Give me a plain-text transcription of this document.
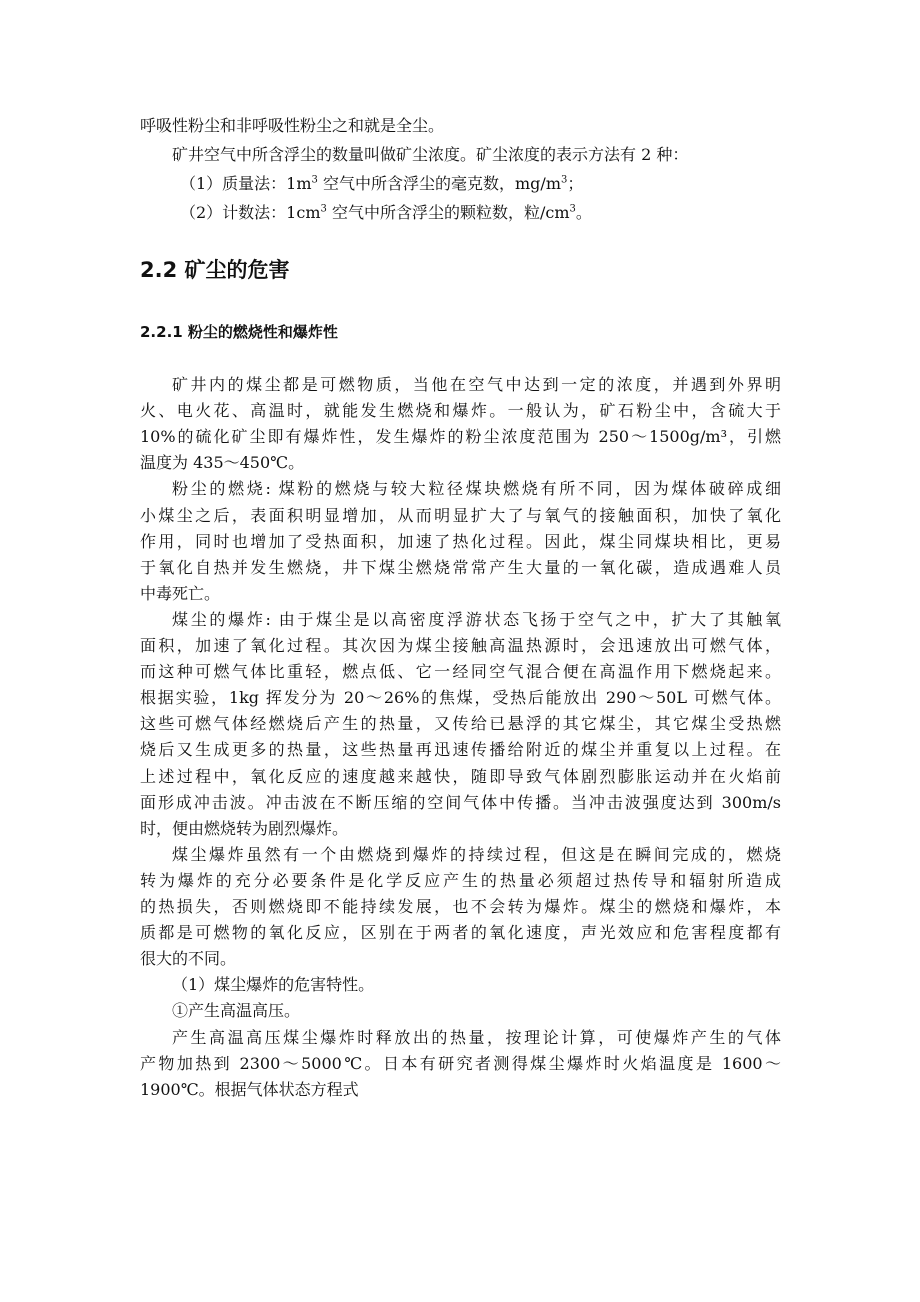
呼吸性粉尘和非呼吸性粉尘之和就是全尘。

矿井空气中所含浮尘的数量叫做矿尘浓度。矿尘浓度的表示方法有 2 种：

（1）质量法：$1m^3$ 空气中所含浮尘的毫克数，$mg/m^3$；

（2）计数法：$1cm^3$ 空气中所含浮尘的颗粒数，粒$/cm^3$。

2.2 矿尘的危害
2.2.1 粉尘的燃烧性和爆炸性

矿井内的煤尘都是可燃物质，当他在空气中达到一定的浓度，并遇到外界明

火、电火花、高温时，就能发生燃烧和爆炸。一般认为，矿石粉尘中，含硫大于

10%的硫化矿尘即有爆炸性，发生爆炸的粉尘浓度范围为 250～1500g/m³，引燃

温度为 435～450℃。

粉尘的燃烧: 煤粉的燃烧与较大粒径煤块燃烧有所不同，因为煤体破碎成细

小煤尘之后，表面积明显增加，从而明显扩大了与氧气的接触面积，加快了氧化

作用，同时也增加了受热面积，加速了热化过程。因此，煤尘同煤块相比，更易

于氧化自热并发生燃烧，井下煤尘燃烧常常产生大量的一氧化碳，造成遇难人员

中毒死亡。

煤尘的爆炸: 由于煤尘是以高密度浮游状态飞扬于空气之中，扩大了其触氧

面积，加速了氧化过程。其次因为煤尘接触高温热源时，会迅速放出可燃气体，

而这种可燃气体比重轻，燃点低、它一经同空气混合便在高温作用下燃烧起来。

根据实验，1kg 挥发分为 20～26%的焦煤，受热后能放出 290～50L 可燃气体。

这些可燃气体经燃烧后产生的热量，又传给已悬浮的其它煤尘，其它煤尘受热燃

烧后又生成更多的热量，这些热量再迅速传播给附近的煤尘并重复以上过程。在

上述过程中，氧化反应的速度越来越快，随即导致气体剧烈膨胀运动并在火焰前

面形成冲击波。冲击波在不断压缩的空间气体中传播。当冲击波强度达到 300m/s

时，便由燃烧转为剧烈爆炸。

煤尘爆炸虽然有一个由燃烧到爆炸的持续过程，但这是在瞬间完成的，燃烧

转为爆炸的充分必要条件是化学反应产生的热量必须超过热传导和辐射所造成

的热损失，否则燃烧即不能持续发展，也不会转为爆炸。煤尘的燃烧和爆炸，本

质都是可燃物的氧化反应，区别在于两者的氧化速度，声光效应和危害程度都有

很大的不同。

（1）煤尘爆炸的危害特性。

①产生高温高压。

产生高温高压煤尘爆炸时释放出的热量，按理论计算，可使爆炸产生的气体

产物加热到 2300～5000℃。日本有研究者测得煤尘爆炸时火焰温度是 1600～

1900℃。根据气体状态方程式
